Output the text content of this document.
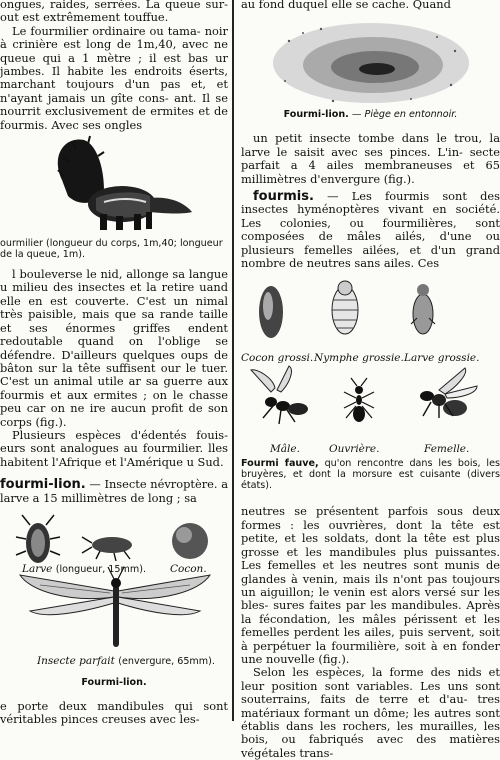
ongues, raides, serrées. La queue sur- out est extrêmement touffue.

Le fourmilier ordinaire ou tama- noir à crinière est long de 1m,40, avec ne queue qui a 1 mètre ; il est bas ur jambes. Il habite les endroits éserts, marchant toujours d'un pas et, et n'ayant jamais un gîte cons- ant. Il se nourrit exclusivement de ermites et de fourmis. Avec ses ongles

ourmilier (longueur du corps, 1m,40; longueur de la queue, 1m).

l bouleverse le nid, allonge sa langue u milieu des insectes et la retire uand elle en est couverte. C'est un nimal très paisible, mais que sa rande taille et ses énormes griffes endent redoutable quand on l'oblige se défendre. D'ailleurs quelques oups de bâton sur la tête suffisent our le tuer. C'est un animal utile ar sa guerre aux fourmis et aux ermites ; on le chasse peu car on ne ire aucun profit de son corps (fig.).

Plusieurs espèces d'édentés fouis- eurs sont analogues au fourmilier. lles habitent l'Afrique et l'Amérique u Sud.

fourmi-lion. — Insecte névroptère. a larve a 15 millimètres de long ; sa

Larve (longueur, 15mm). Cocon.
Insecte parfait (envergure, 65mm).

Fourmi-lion.

e porte deux mandibules qui sont véritables pinces creuses avec les-

au fond duquel elle se cache. Quand

Fourmi-lion. — Piège en entonnoir.

un petit insecte tombe dans le trou, la larve le saisit avec ses pinces. L'in- secte parfait a 4 ailes membraneuses et 65 millimètres d'envergure (fig.).

fourmis. — Les fourmis sont des insectes hyménoptères vivant en société. Les colonies, ou fourmilières, sont composées de mâles ailés, d'une ou plusieurs femelles ailées, et d'un grand nombre de neutres sans ailes. Ces

Cocon grossi. Nymphe grossie. Larve grossie.
Mâle.	Ouvrière.	Femelle.

Fourmi fauve, qu'on rencontre dans les bois, les bruyères, et dont la morsure est cuisante (divers états).

neutres se présentent parfois sous deux formes : les ouvrières, dont la tête est petite, et les soldats, dont la tête est plus grosse et les mandibules plus puissantes. Les femelles et les neutres sont munis de glandes à venin, mais ils n'ont pas toujours un aiguillon; le venin est alors versé sur les bles- sures faites par les mandibules. Après la fécondation, les mâles périssent et les femelles perdent les ailes, puis servent, soit à perpétuer la fourmilière, soit à en fonder une nouvelle (fig.).

Selon les espèces, la forme des nids et leur position sont variables. Les uns sont souterrains, faits de terre et d'au- tres matériaux formant un dôme; les autres sont établis dans les rochers, les murailles, les bois, ou fabriqués avec des matières végétales trans-
